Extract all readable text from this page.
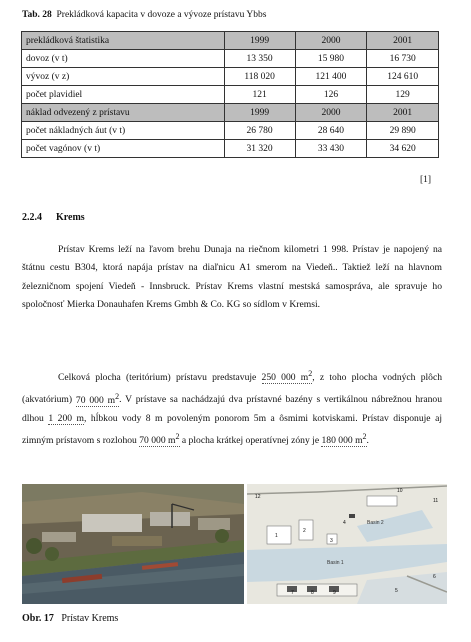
Tab. 28 Prekládková kapacita v dovoze a vývoze prístavu Ybbs
prekládková štatistika	1999	2000	2001
dovoz (v t)	13 350	15 980	16 730
vývoz (v z)	118 020	121 400	124 610
počet plavidiel	121	126	129
náklad odvezený z prístavu	1999	2000	2001
počet nákladných áut (v t)	26 780	28 640	29 890
počet vagónov (v t)	31 320	33 430	34 620
[1]
2.2.4 Krems
Prístav Krems leží na ľavom brehu Dunaja na riečnom kilometri 1 998. Prístav je napojený na štátnu cestu B304, ktorá napája prístav na diaľnicu A1 smerom na Viedeň.. Taktiež leží na hlavnom železničnom spojení Viedeň - Innsbruck. Prístav Krems vlastní mestská samospráva, ale spravuje ho spoločnosť Mierka Donauhafen Krems Gmbh & Co. KG so sídlom v Kremsi.
Celková plocha (teritórium) prístavu predstavuje 250 000 $m^2$, z toho plocha vodných plôch (akvatórium) 70 000 $m^2$. V prístave sa nachádzajú dva prístavné bazény s vertikálnou nábrežnou hranou dlhou 1 200 m, hĺbkou vody 8 m povoleným ponorom 5m a ôsmimi kotviskami. Prístav disponuje aj zimným prístavom s rozlohou 70 000 $m^2$ a plocha krátkej operatívnej zóny je 180 000 $m^2$.
Basin 2
Basin 1
1
2
3
4
6
7	8	9
10
11
12
5
Obr. 17 Prístav Krems
